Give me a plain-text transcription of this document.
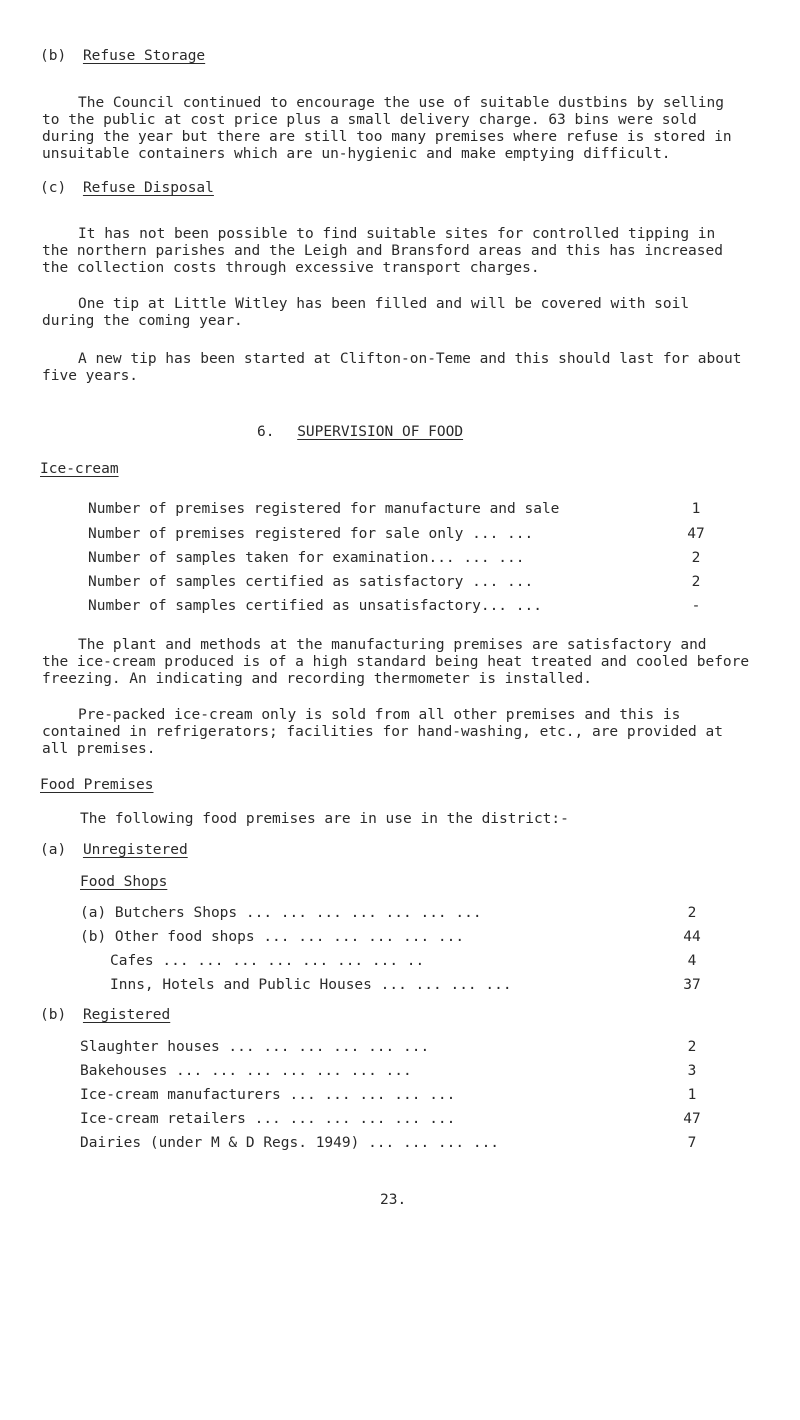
(b) Refuse Storage
The Council continued to encourage the use of suitable dustbins by selling
to the public at cost price plus a small delivery charge. 63 bins were sold
during the year but there are still too many premises where refuse is stored in
unsuitable containers which are un-hygienic and make emptying difficult.
(c) Refuse Disposal
It has not been possible to find suitable sites for controlled tipping in
the northern parishes and the Leigh and Bransford areas and this has increased
the collection costs through excessive transport charges.
One tip at Little Witley has been filled and will be covered with soil
during the coming year.
A new tip has been started at Clifton-on-Teme and this should last for about
five years.
6. SUPERVISION OF FOOD
Ice-cream
Number of premises registered for manufacture and sale	1
Number of premises registered for sale only ... ...	47
Number of samples taken for examination... ... ...	2
Number of samples certified as satisfactory ... ...	2
Number of samples certified as unsatisfactory... ...	-
The plant and methods at the manufacturing premises are satisfactory and
the ice-cream produced is of a high standard being heat treated and cooled before
freezing. An indicating and recording thermometer is installed.
Pre-packed ice-cream only is sold from all other premises and this is
contained in refrigerators; facilities for hand-washing, etc., are provided at
all premises.
Food Premises
The following food premises are in use in the district:-
(a) Unregistered
Food Shops
(a) Butchers Shops ... ... ... ... ... ... ...	2
(b) Other food shops ... ... ... ... ... ...	44
Cafes ... ... ... ... ... ... ... ..	4
Inns, Hotels and Public Houses ... ... ... ...	37
(b) Registered
Slaughter houses ... ... ... ... ... ...	2
Bakehouses ... ... ... ... ... ... ...	3
Ice-cream manufacturers ... ... ... ... ...	1
Ice-cream retailers ... ... ... ... ... ...	47
Dairies (under M & D Regs. 1949) ... ... ... ...	7
23.
